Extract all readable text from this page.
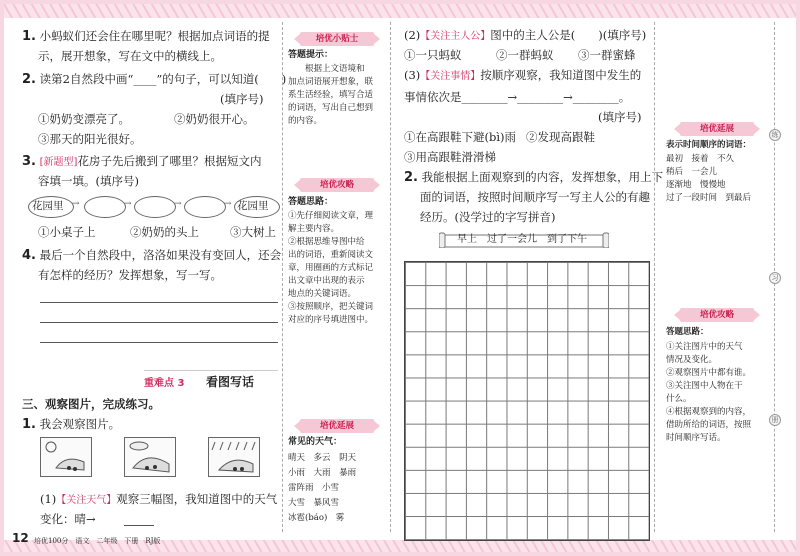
1. 小蚂蚁们还会住在哪里呢？根据加点词语的提
示，展开想象，写在文中的横线上。
2. 读第2自然段中画“____”的句子，可以知道(　　)
(填序号)
①奶奶变漂亮了。	②奶奶很开心。
③那天的阳光很好。
3. [新题型]花房子先后搬到了哪里？根据短文内
容填一填。(填序号)
花园里	花园里
→	→	→	→
①小桌子上	②奶奶的头上	③大树上
4. 最后一个自然段中，洛洛如果没有变回人，还会
有怎样的经历？发挥想象，写一写。
重难点 3 看图写话
三、观察图片，完成练习。
1. 我会观察图片。
(1)【关注天气】观察三幅图，我知道图中的天气
变化：晴→
12 培优100分　语文　二年级　下册　RJ版
培优小贴士
答题提示：
　　根据上文语境和
加点词语展开想象，联
系生活经验，填写合适
的词语，写出自己想到
的内容。
培优攻略
答题思路：
①先仔细阅读文章，理
解主要内容。
②根据思维导图中给
出的词语，重新阅读文
章，用圈画的方式标记
出文章中出现的表示
地点的关键词语。
③按照顺序，把关键词
对应的序号填进图中。
培优延展
常见的天气：
晴天　 多云　 阴天
小雨　 大雨　 暴雨
雷阵雨　 小雪
大雪　 暴风雪
冰雹(báo)　 雾
(2)【关注主人公】图中的主人公是(　　)(填序号)
①一只蚂蚁	②一群蚂蚁 ③一群蜜蜂
(3)【关注事情】按顺序观察，我知道图中发生的
事情依次是________→________→________。
(填序号)
①在高跟鞋下避(bì)雨 ②发现高跟鞋
③用高跟鞋滑滑梯
2. 我能根据上面观察到的内容，发挥想象，用上下
面的词语，按照时间顺序写一写主人公的有趣
经历。(没学过的字写拼音)
早上　过了一会儿　到了下午
培优延展
表示时间顺序的词语：
最初　接着　不久
稍后　一会儿
逐渐地　慢慢地
过了一段时间　到最后
培优攻略
答题思路：
①关注图片中的天气
情况及变化。
②观察图片中都有谁。
③关注图中人物在干
什么。
④根据观察到的内容，
借助所给的词语，按照
时间顺序写话。
练
习
册
